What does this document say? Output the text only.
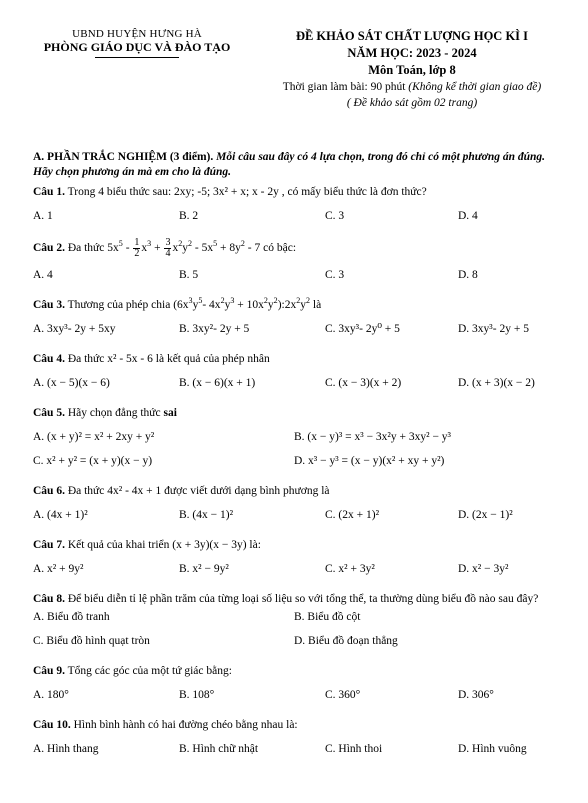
UBND HUYỆN HƯNG HÀ
PHÒNG GIÁO DỤC VÀ ĐÀO TẠO
ĐỀ KHẢO SÁT CHẤT LƯỢNG HỌC KÌ I
NĂM HỌC: 2023 - 2024
Môn Toán, lớp 8
Thời gian làm bài: 90 phút (Không kể thời gian giao đề)
( Đề khảo sát gồm 02 trang)
A. PHẦN TRẮC NGHIỆM (3 điểm). Mỗi câu sau đây có 4 lựa chọn, trong đó chỉ có một phương án đúng. Hãy chọn phương án mà em cho là đúng.
Câu 1. Trong 4 biểu thức sau: 2xy; -5; 3x² + x; x - 2y , có mấy biểu thức là đơn thức?
A. 1	B. 2	C. 3	D. 4
Câu 2. Đa thức $5x^5 - \frac{1}{2} x^3 + \frac{3}{4} x^2y^2 - 5x^5 + 8y^2 - 7$ có bậc:
A. 4	B. 5	C. 3	D. 8
Câu 3. Thương của phép chia ($6x^3y^5-$ $4x^2y^3$ + $10x^2y^2):2x^2y^2$ là
A. 3xy³- 2y + 5xy	B. 3xy²- 2y + 5	C. 3xy³- 2y⁰ + 5	D. 3xy³- 2y + 5
Câu 4. Đa thức x² - 5x - 6 là kết quả của phép nhân
A. (x − 5)(x − 6)	B. (x − 6)(x + 1)	C. (x − 3)(x + 2)	D. (x + 3)(x − 2)
Câu 5. Hãy chọn đẳng thức sai
A. (x + y)² = x² + 2xy + y²	B. (x − y)³ = x³ − 3x²y + 3xy² − y³
C. x² + y² = (x + y)(x − y)	D. x³ − y³ = (x − y)(x² + xy + y²)
Câu 6. Đa thức 4x² - 4x + 1 được viết dưới dạng bình phương là
A. (4x + 1)²	B. (4x − 1)²	C. (2x + 1)²	D. (2x − 1)²
Câu 7. Kết quả của khai triển (x + 3y)(x − 3y) là:
A. x² + 9y²	B. x² − 9y²	C. x² + 3y²	D. x² − 3y²
Câu 8. Để biểu diễn tỉ lệ phần trăm của từng loại số liệu so với tổng thể, ta thường dùng biểu đồ nào sau đây?
A. Biểu đồ tranh	B. Biểu đồ cột
C. Biểu đồ hình quạt tròn	D. Biểu đồ đoạn thẳng
Câu 9. Tổng các góc của một tứ giác bằng:
A. 180°	B. 108°	C. 360°	D. 306°
Câu 10. Hình bình hành có hai đường chéo bằng nhau là:
A. Hình thang	B. Hình chữ nhật	C. Hình thoi	D. Hình vuông
